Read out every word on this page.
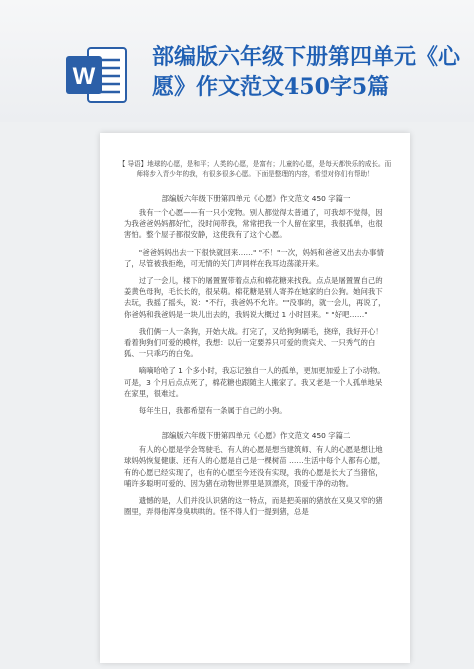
W
部编版六年级下册第四单元《心愿》作文范文450字5篇
【 导语】地球的心愿，是和平；人类的心愿，是富有；儿童的心愿，是每天都快乐的成长。而师将步入青少年的我，有很多很多心愿。下面是整理的内容，希望对你们有帮助！
部编版六年级下册第四单元《心愿》作文范文 450 字篇一

我有一个心愿——有一只小宠物。别人都觉得太普通了，可我却不觉得，因为我爸爸妈妈都好忙，没时间带我，常常把我一个人留在家里，我很孤单，也很害怕。整个屋子都很安静，这使我有了这个心愿。

"爸爸妈妈出去一下很快就回来……" "不！"一次，妈妈和爸爸又出去办事情了，尽管被我拒绝，可无情的关门声同样在我耳边荡漾开来。

过了一会儿，楼下的屠置置带着点点和棉花糖来找我。点点是屠置置自己的姜黄色母狗，毛长长的，很呆萌。棉花糖是别人寄养在她家的白公狗。她问我下去玩，我摇了摇头，说："不行，我爸妈不允许。""没事的，就一会儿，再说了，你爸妈和我爸妈是一块儿出去的，我妈说大概过 1 小时回来。" "好吧……"

我们俩一人一条狗，开始大战。打完了，又给狗狗刷毛，挠痒，我好开心！看着狗狗们可爱的模样，我想：以后一定要养只可爱的贵宾犬、一只秀气的白狐、一只乖巧的白兔。

嘀嘀哈哈了 1 个多小时，我忘记独自一人的孤单，更加更加爱上了小动物。可是，3 个月后点点死了，棉花糖也跟随主人搬家了。我又老是一个人孤单地呆在家里，很难过。

每年生日，我都希望有一条属于自己的小狗。

部编版六年级下册第四单元《心愿》作文范文 450 字篇二

有人的心愿是学会驾驶毛、有人的心愿是想当建筑师、有人的心愿是想让地球妈妈恢复健康、还有人的心愿是自己是一棵树苗 ……生活中每个人都有心愿，有的心愿已经实现了，也有的心愿至今还没有实现，我的心愿是长大了当猪倌，哺许多聪明可爱的、因为猪在动物世界里是顶漂亮，顶爱干净的动物。

遗憾的是，人们并没认识猪的这一特点，而是把美丽的猪放在又臭又窄的猪圈里，弄得他浑身臭哄哄的。怪不得人们一提到猪，总是
